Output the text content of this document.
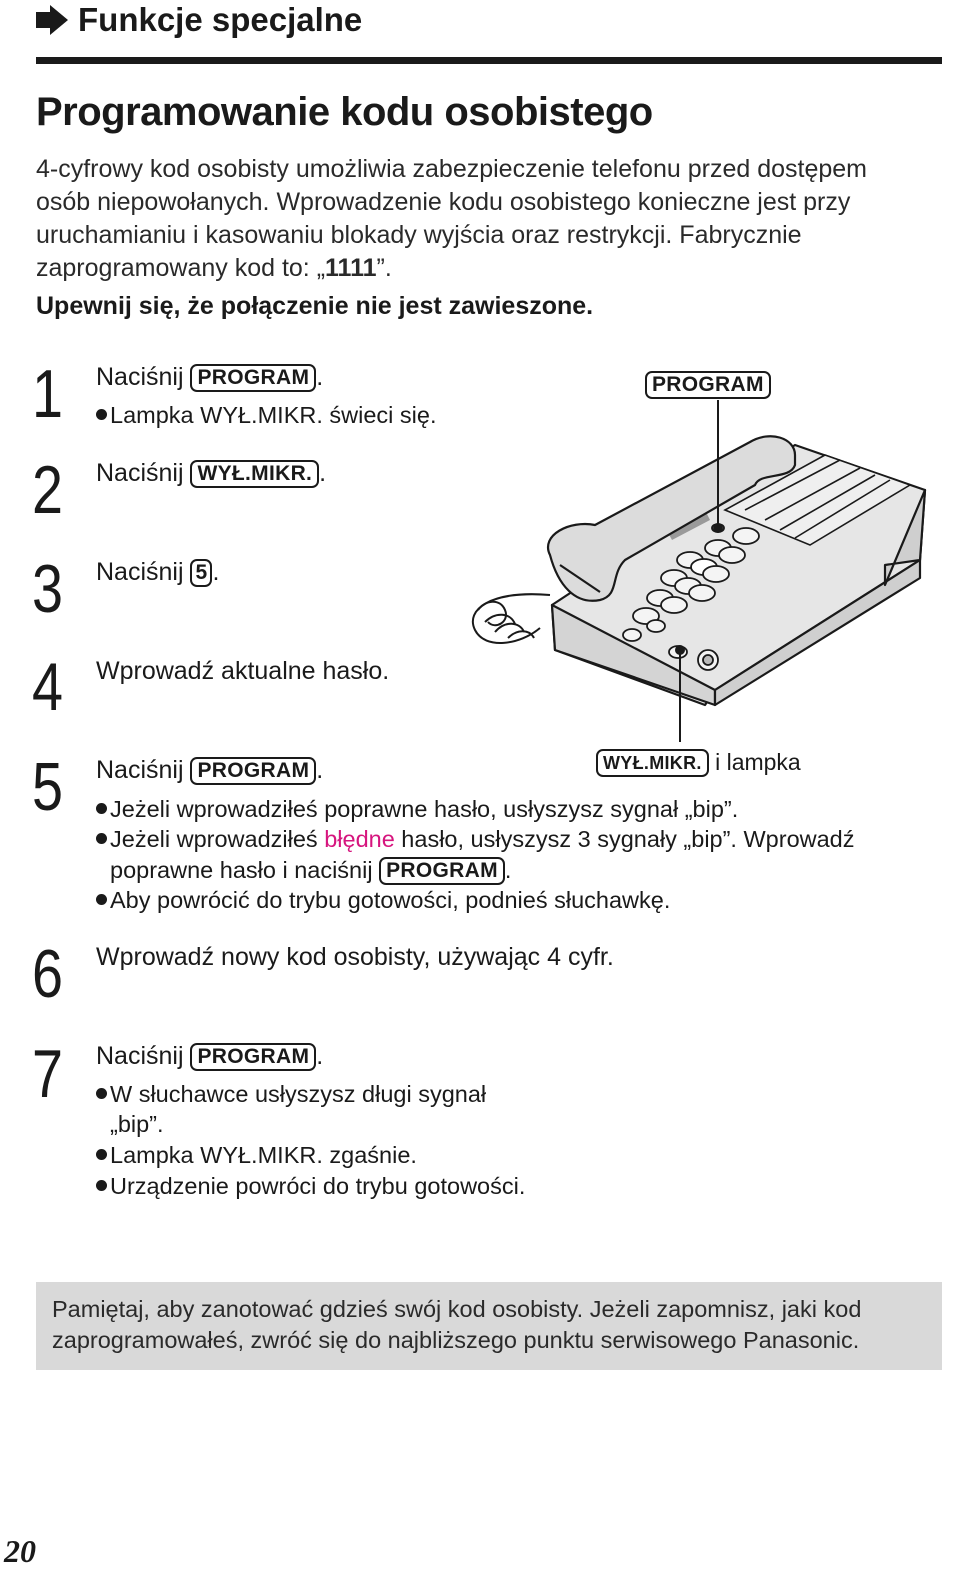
Funkcje specjalne
Programowanie kodu osobistego
4-cyfrowy kod osobisty umożliwia zabezpieczenie telefonu przed dostępem osób niepowołanych. Wprowadzenie kodu osobistego konieczne jest przy uruchamianiu i kasowaniu blokady wyjścia oraz restrykcji. Fabrycznie zaprogramowany kod to: „1111”.
Upewnij się, że połączenie nie jest zawieszone.
1 Naciśnij PROGRAM .
Lampka WYŁ.MIKR. świeci się.
2 Naciśnij WYŁ.MIKR. .
3 Naciśnij 5 .
4 Wprowadź aktualne hasło.
5 Naciśnij PROGRAM .
Jeżeli wprowadziłeś poprawne hasło, usłyszysz sygnał „bip”.
Jeżeli wprowadziłeś błędne hasło, usłyszysz 3 sygnały „bip”. Wprowadź
poprawne hasło i naciśnij PROGRAM .
Aby powrócić do trybu gotowości, podnieś słuchawkę.
6 Wprowadź nowy kod osobisty, używając 4 cyfr.
7 Naciśnij PROGRAM .
W słuchawce usłyszysz długi sygnał
„bip”.
Lampka WYŁ.MIKR. zgaśnie.
Urządzenie powróci do trybu gotowości.
PROGRAM
WYŁ.MIKR. i lampka
Pamiętaj, aby zanotować gdzieś swój kod osobisty. Jeżeli zapomnisz, jaki kod zaprogramowałeś, zwróć się do najbliższego punktu serwisowego Panasonic.
20
